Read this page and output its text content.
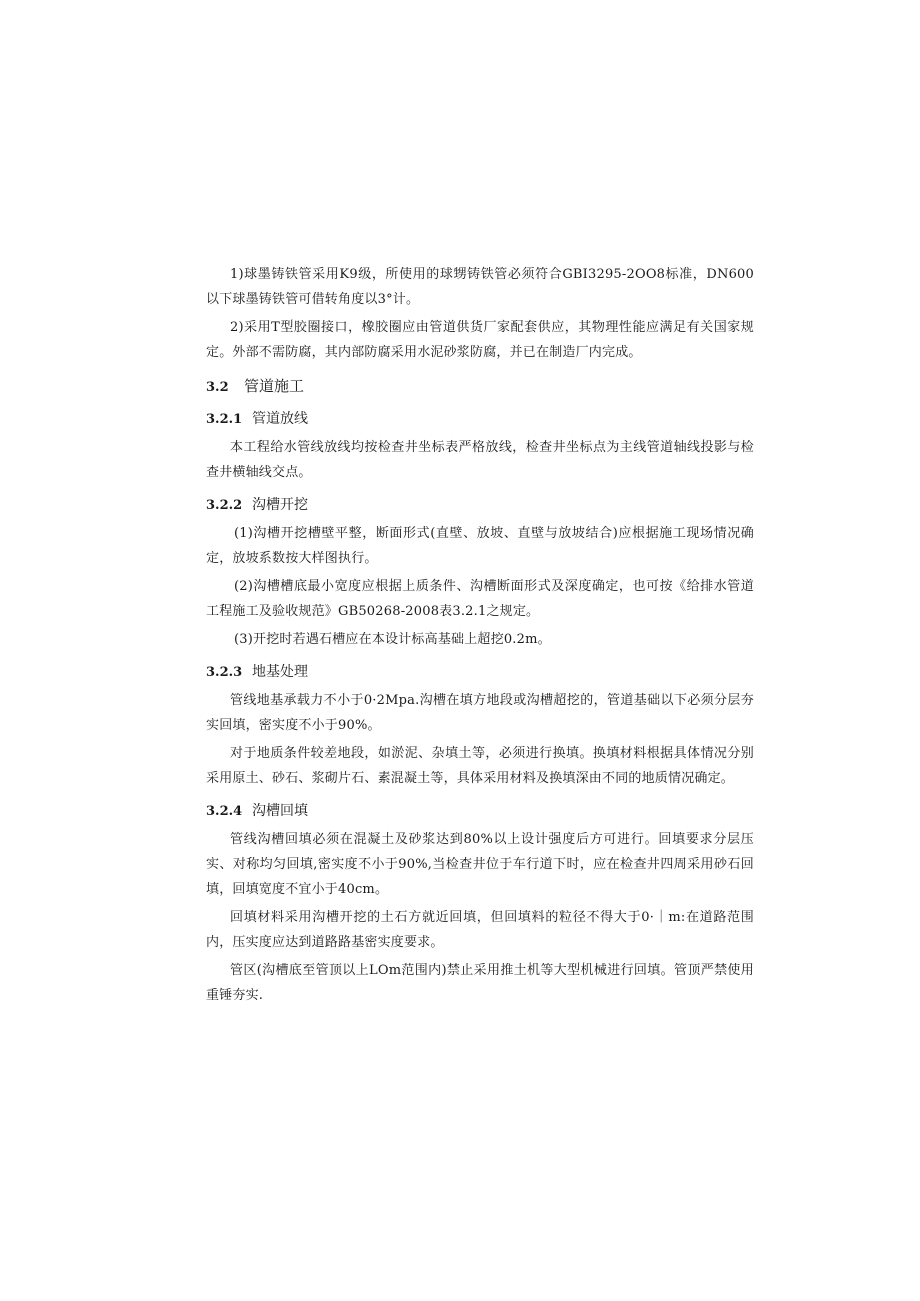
1)球墨铸铁管采用K9级，所使用的球甥铸铁管必须符合GBI3295-2OO8标准，DN600以下球墨铸铁管可借转角度以3°计。

2)采用T型胶圈接口，橡胶圈应由管道供货厂家配套供应，其物理性能应满足有关国家规定。外部不需防腐，其内部防腐采用水泥砂浆防腐，并已在制造厂内完成。

3.2 管道施工
3.2.1 管道放线

本工程给水管线放线均按检查井坐标表严格放线，检查井坐标点为主线管道轴线投影与检查井横轴线交点。

3.2.2 沟槽开挖

(1)沟槽开挖槽壁平整，断面形式(直壁、放坡、直壁与放坡结合)应根据施工现场情况确定，放坡系数按大样图执行。

(2)沟槽槽底最小宽度应根据上质条件、沟槽断面形式及深度确定，也可按《给排水管道工程施工及验收规范》GB50268-2008表3.2.1之规定。

(3)开挖时若遇石槽应在本设计标高基础上超挖0.2m。

3.2.3 地基处理

管线地基承载力不小于0·2Mpa.沟槽在填方地段或沟槽超挖的，管道基础以下必须分层夯实回填，密实度不小于90%。

对于地质条件较差地段，如淤泥、杂填土等，必须进行换填。换填材料根据具体情况分别采用原土、砂石、浆砌片石、素混凝土等，具体采用材料及换填深由不同的地质情况确定。

3.2.4 沟槽回填

管线沟槽回填必须在混凝土及砂浆达到80%以上设计强度后方可进行。回填要求分层压实、对称均匀回填,密实度不小于90%,当检查井位于车行道下时，应在检查井四周采用砂石回填，回填宽度不宜小于40cm。

回填材料采用沟槽开挖的土石方就近回填，但回填料的粒径不得大于0·｜m:在道路范围内，压实度应达到道路路基密实度要求。

管区(沟槽底至管顶以上LOm范围内)禁止采用推土机等大型机械进行回填。管顶严禁使用重锤夯实.
